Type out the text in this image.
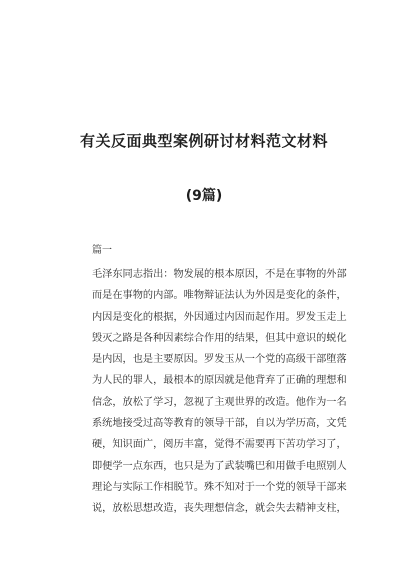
有关反面典型案例研讨材料范文材料
(9篇)
篇一
毛泽东同志指出：物发展的根本原因，不是在事物的外部
而是在事物的内部。唯物辩证法认为外因是变化的条件，
内因是变化的根据，外因通过内因而起作用。罗发玉走上
毁灭之路是各种因素综合作用的结果，但其中意识的蜕化
是内因，也是主要原因。罗发玉从一个党的高级干部堕落
为人民的罪人，最根本的原因就是他背弃了正确的理想和
信念，放松了学习，忽视了主观世界的改造。他作为一名
系统地接受过高等教育的领导干部，自以为学历高，文凭
硬，知识面广，阅历丰富，觉得不需要再下苦功学习了，
即便学一点东西，也只是为了武装嘴巴和用做手电照别人
理论与实际工作相脱节。殊不知对于一个党的领导干部来
说，放松思想改造，丧失理想信念，就会失去精神支柱，
